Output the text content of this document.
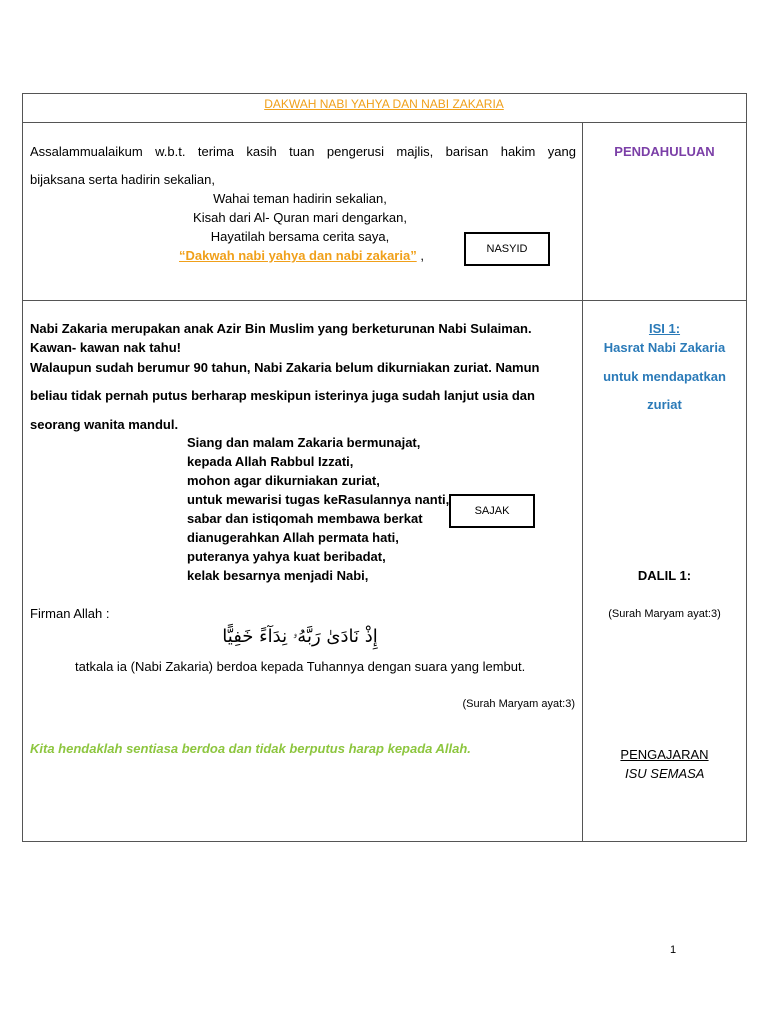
DAKWAH NABI YAHYA DAN NABI ZAKARIA
Assalammualaikum w.b.t. terima kasih tuan pengerusi majlis, barisan hakim yang
bijaksana serta hadirin sekalian,
Wahai teman hadirin sekalian,
Kisah dari Al- Quran mari dengarkan,
Hayatilah bersama cerita saya,
“Dakwah nabi yahya dan nabi zakaria” ,	NASYID
PENDAHULUAN
Nabi Zakaria merupakan anak Azir Bin Muslim yang berketurunan Nabi Sulaiman.
Kawan- kawan nak tahu!
Walaupun sudah berumur 90 tahun, Nabi Zakaria belum dikurniakan zuriat. Namun
beliau tidak pernah putus berharap meskipun isterinya juga sudah lanjut usia dan
seorang wanita mandul.
Siang dan malam Zakaria bermunajat,
kepada Allah Rabbul Izzati,
mohon agar dikurniakan zuriat,
untuk mewarisi tugas keRasulannya nanti,
sabar dan istiqomah membawa berkat
dianugerahkan Allah permata hati,
puteranya yahya kuat beribadat,
kelak besarnya menjadi Nabi,
SAJAK
Firman Allah :
إِذْ نَادَىٰ رَبَّهُۥ نِدَآءً خَفِيًّا
tatkala ia (Nabi Zakaria) berdoa kepada Tuhannya dengan suara yang lembut.
(Surah Maryam ayat:3)
Kita hendaklah sentiasa berdoa dan tidak berputus harap kepada Allah.
ISI 1:
Hasrat Nabi Zakaria
untuk mendapatkan
zuriat
DALIL 1:
(Surah Maryam ayat:3)
PENGAJARAN
ISU SEMASA
1
